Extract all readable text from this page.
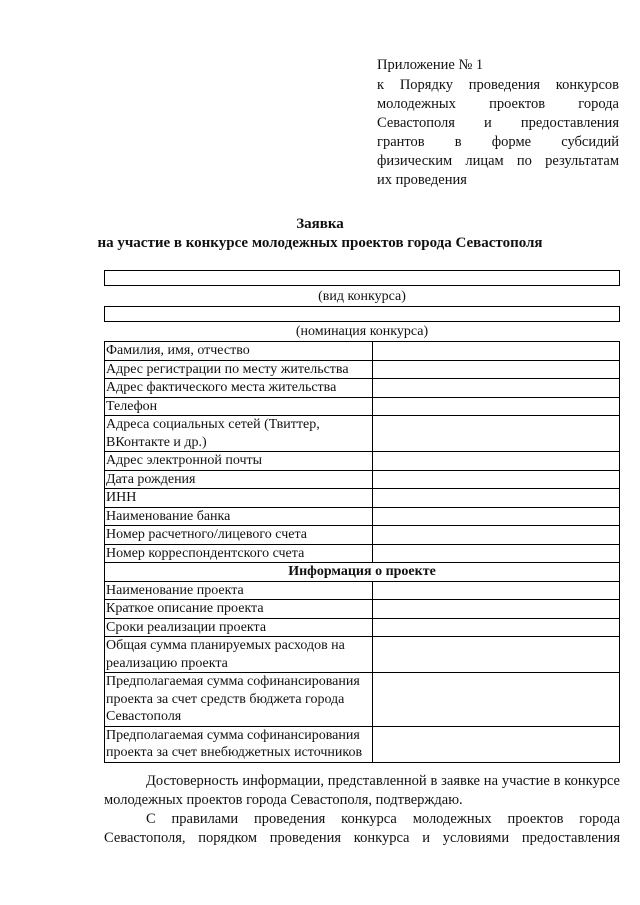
Приложение № 1
к Порядку проведения конкурсов
молодежных проектов города
Севастополя и предоставления
грантов в форме субсидий
физическим лицам по результатам
их проведения
Заявка
на участие в конкурсе молодежных проектов города Севастополя
(вид конкурса)
(номинация конкурса)
Фамилия, имя, отчество	
Адрес регистрации по месту жительства	
Адрес фактического места жительства	
Телефон	
Адреса социальных сетей (Твиттер, ВКонтакте и др.)	
Адрес электронной почты	
Дата рождения	
ИНН	
Наименование банка	
Номер расчетного/лицевого счета	
Номер корреспондентского счета	
Информация о проекте	
Наименование проекта	
Краткое описание проекта	
Сроки реализации проекта	
Общая сумма планируемых расходов на реализацию проекта	
Предполагаемая сумма софинансирования проекта за счет средств бюджета города Севастополя	
Предполагаемая сумма софинансирования проекта за счет внебюджетных источников	
Достоверность информации, представленной в заявке на участие в конкурсе молодежных проектов города Севастополя, подтверждаю.
С правилами проведения конкурса молодежных проектов города Севастополя, порядком проведения конкурса и условиями предоставления
